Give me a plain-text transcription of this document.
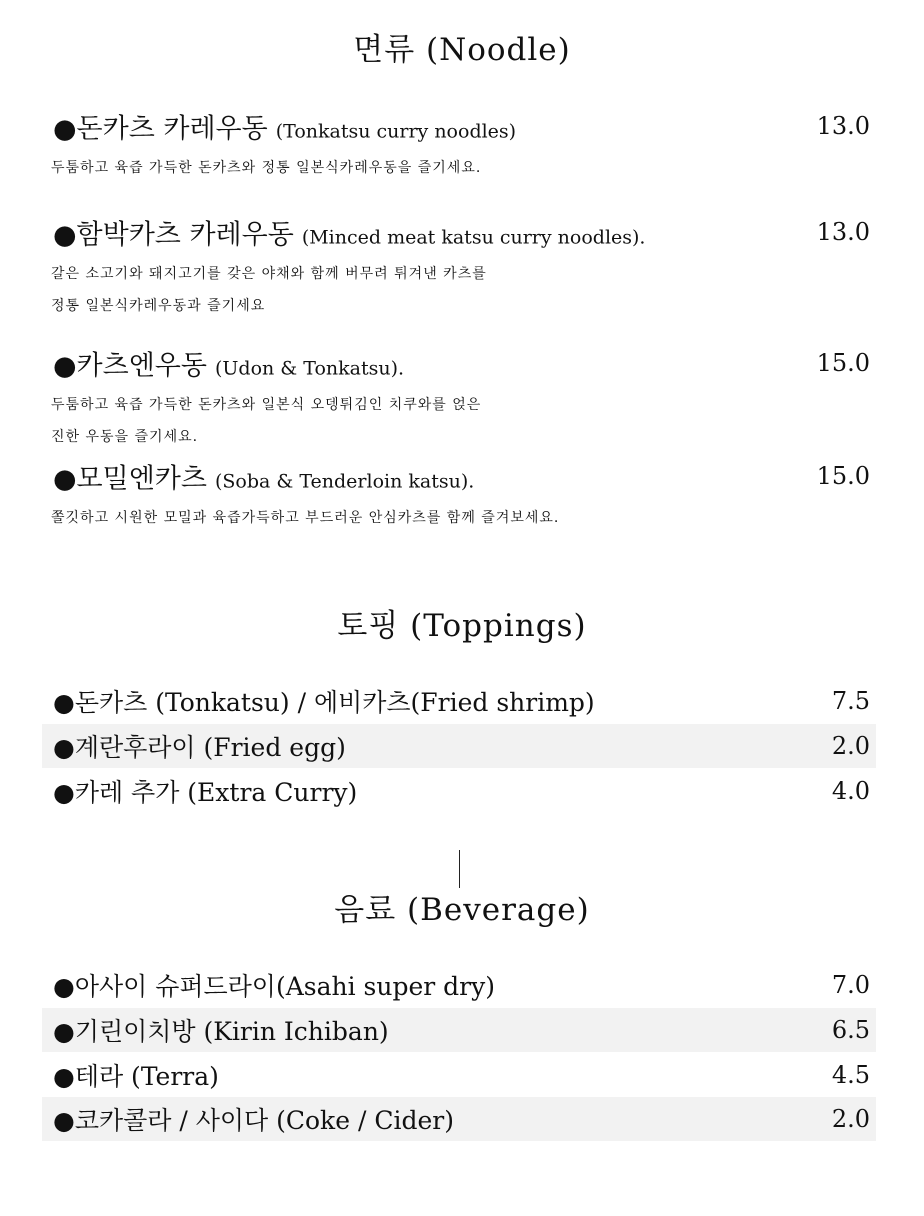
면류 (Noodle)
●돈카츠 카레우동 (Tonkatsu curry noodles)	13.0
두툼하고 육즙 가득한 돈카츠와 정통 일본식카레우동을 즐기세요.
●함박카츠 카레우동 (Minced meat katsu curry noodles).	13.0
갈은 소고기와 돼지고기를 갖은 야채와 함께 버무려 튀겨낸 카츠를
정통 일본식카레우동과 즐기세요
●카츠엔우동 (Udon & Tonkatsu).	15.0
두툼하고 육즙 가득한 돈카츠와 일본식 오뎅튀김인 치쿠와를 얹은
진한 우동을 즐기세요.
●모밀엔카츠 (Soba & Tenderloin katsu).	15.0
쫄깃하고 시원한 모밀과 육즙가득하고 부드러운 안심카츠를 함께 즐겨보세요.
토핑 (Toppings)
●돈카츠 (Tonkatsu) / 에비카츠(Fried shrimp)	7.5
●계란후라이 (Fried egg)	2.0
●카레 추가 (Extra Curry)	4.0
음료 (Beverage)
●아사이 슈퍼드라이(Asahi super dry)	7.0
●기린이치방 (Kirin Ichiban)	6.5
●테라 (Terra)	4.5
●코카콜라 / 사이다 (Coke / Cider)	2.0
